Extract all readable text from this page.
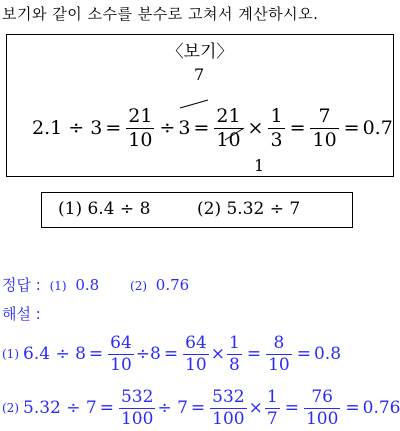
보기와 같이 소수를 분수로 고쳐서 계산하시오.
〈보기〉
7
$2.1 \div 3 = \frac{21}{10} \div 3 = \frac{21}{10} \times \frac{1}{3} = \frac{7}{10} = 0.7$
1
(1) 6.4 ÷ 8	(2) 5.32 ÷ 7
정답 : (1) 0.8	(2) 0.76
해설 :
(1) $6.4 \div 8 = \frac{64}{10} \div 8 = \frac{64}{10} \times \frac{1}{8} = \frac{8}{10} = 0.8$
(2) $5.32 \div 7 = \frac{532}{100} \div 7 = \frac{532}{100} \times \frac{1}{7} = \frac{76}{100} = 0.76$
